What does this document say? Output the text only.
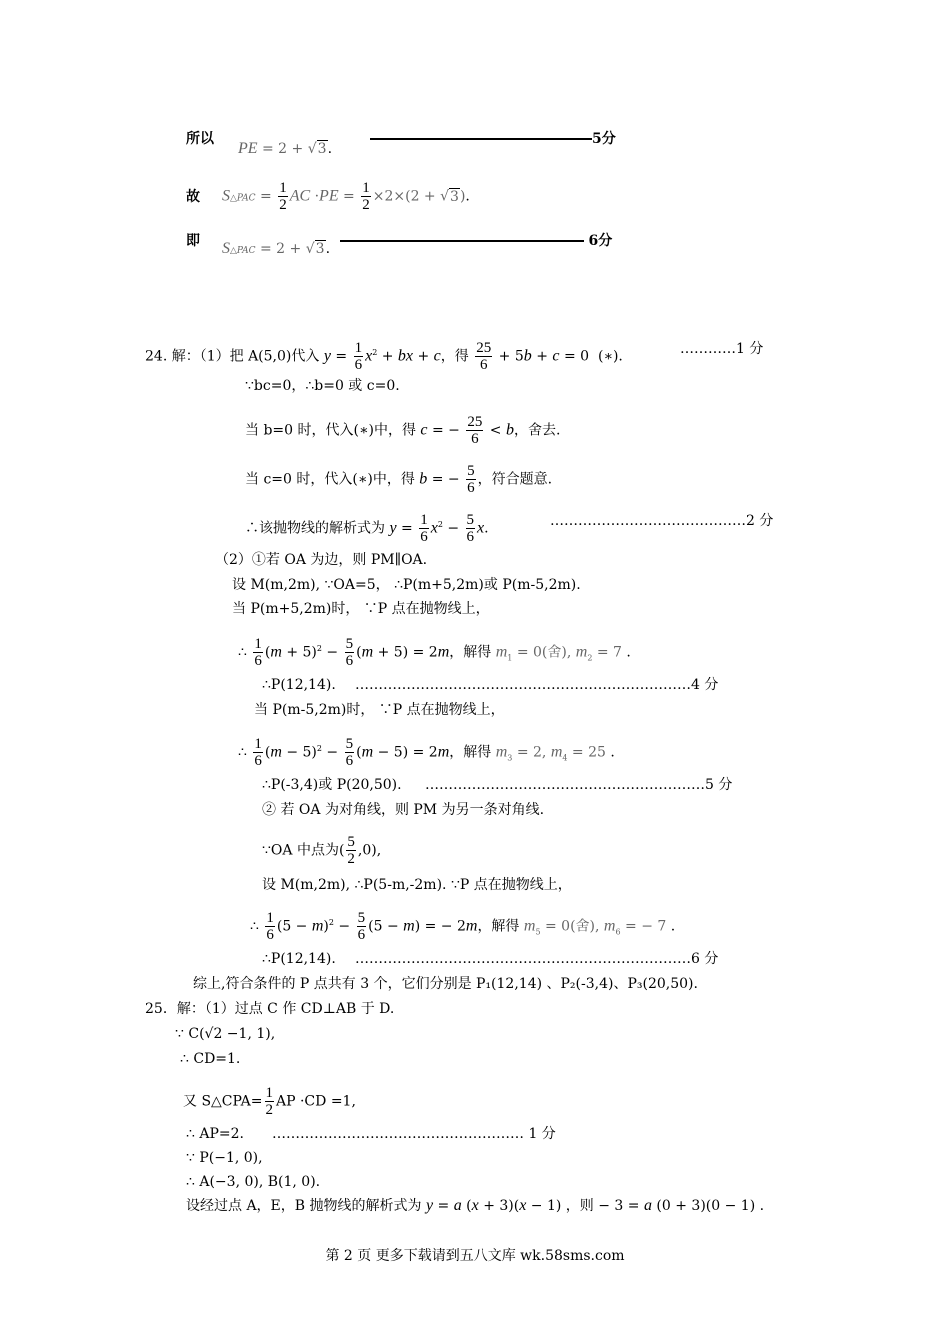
所以
PE = 2 + √3.
5分
故 S△PAC = $\frac{1}{2}$ AC $\cdot PE = \frac{1}{2} \times 2\times(2 + √3)$.
即 S△PAC = 2 + √3.	6分
24. 解：（1）把 A(5,0)代入 $y = \frac{1}{6} x^2$ + bx + c，得 $\frac{25}{6} + 5b + c = 0$  (∗).	…………1 分
∵bc=0，∴b=0 或 c=0.
当 b=0 时，代入(∗)中，得 c = − $\frac{25}{6} < b$，舍去.
当 c=0 时，代入(∗)中，得 b = − $\frac{5}{6}$ ，符合题意.
∴该抛物线的解析式为 $y = \frac{1}{6} x^2 - \frac{5}{6} x$.	……………………………………2 分
（2）①若 OA 为边，则 PM∥OA.
设 M(m,2m), ∵OA=5， ∴P(m+5,2m)或 P(m-5,2m).
当 P(m+5,2m)时， ∵P 点在抛物线上，
∴ $\frac{1}{6} (m + 5)^2 - \frac{5}{6} (m + 5) = 2m$，解得 $m_1 = 0$(舍), $m_2 = 7$ .
∴P(12,14). ………………………………………………………………4 分
当 P(m-5,2m)时， ∵P 点在抛物线上，
∴ $\frac{1}{6} (m - 5)^2 - \frac{5}{6} (m - 5) = 2m$，解得 $m_3 = 2$, $m_4 = 25$ .
∴P(-3,4)或 P(20,50). ……………………………………………………5 分
② 若 OA 为对角线，则 PM 为另一条对角线.
∵OA 中点为( $\frac{5}{2} ,0$),
设 M(m,2m), ∴P(5-m,-2m). ∵P 点在抛物线上，
∴ $\frac{1}{6} (5 - m)^2 - \frac{5}{6} (5 - m)$ = − 2m，解得 $m_5 = 0$(舍), $m_6$ = − 7 .
∴P(12,14). ………………………………………………………………6 分
综上,符合条件的 P 点共有 3 个，它们分别是 P₁(12,14) 、P₂(-3,4)、P₃(20,50).
25．解：（1）过点 C 作 CD⊥AB 于 D.
∵ C(√2 −1, 1),
∴ CD=1.
又 S△CPA= $\frac{1}{2}$ AP ·CD =1,
∴ AP=2. ……………………………………………… 1 分
∵ P(−1, 0),
∴ A(−3, 0), B(1, 0).
设经过点 A，E，B 抛物线的解析式为 y = a (x + 3)(x − 1) ，则 − 3 = a (0 + 3)(0 − 1) .
第 2 页 更多下载请到五八文库 wk.58sms.com
